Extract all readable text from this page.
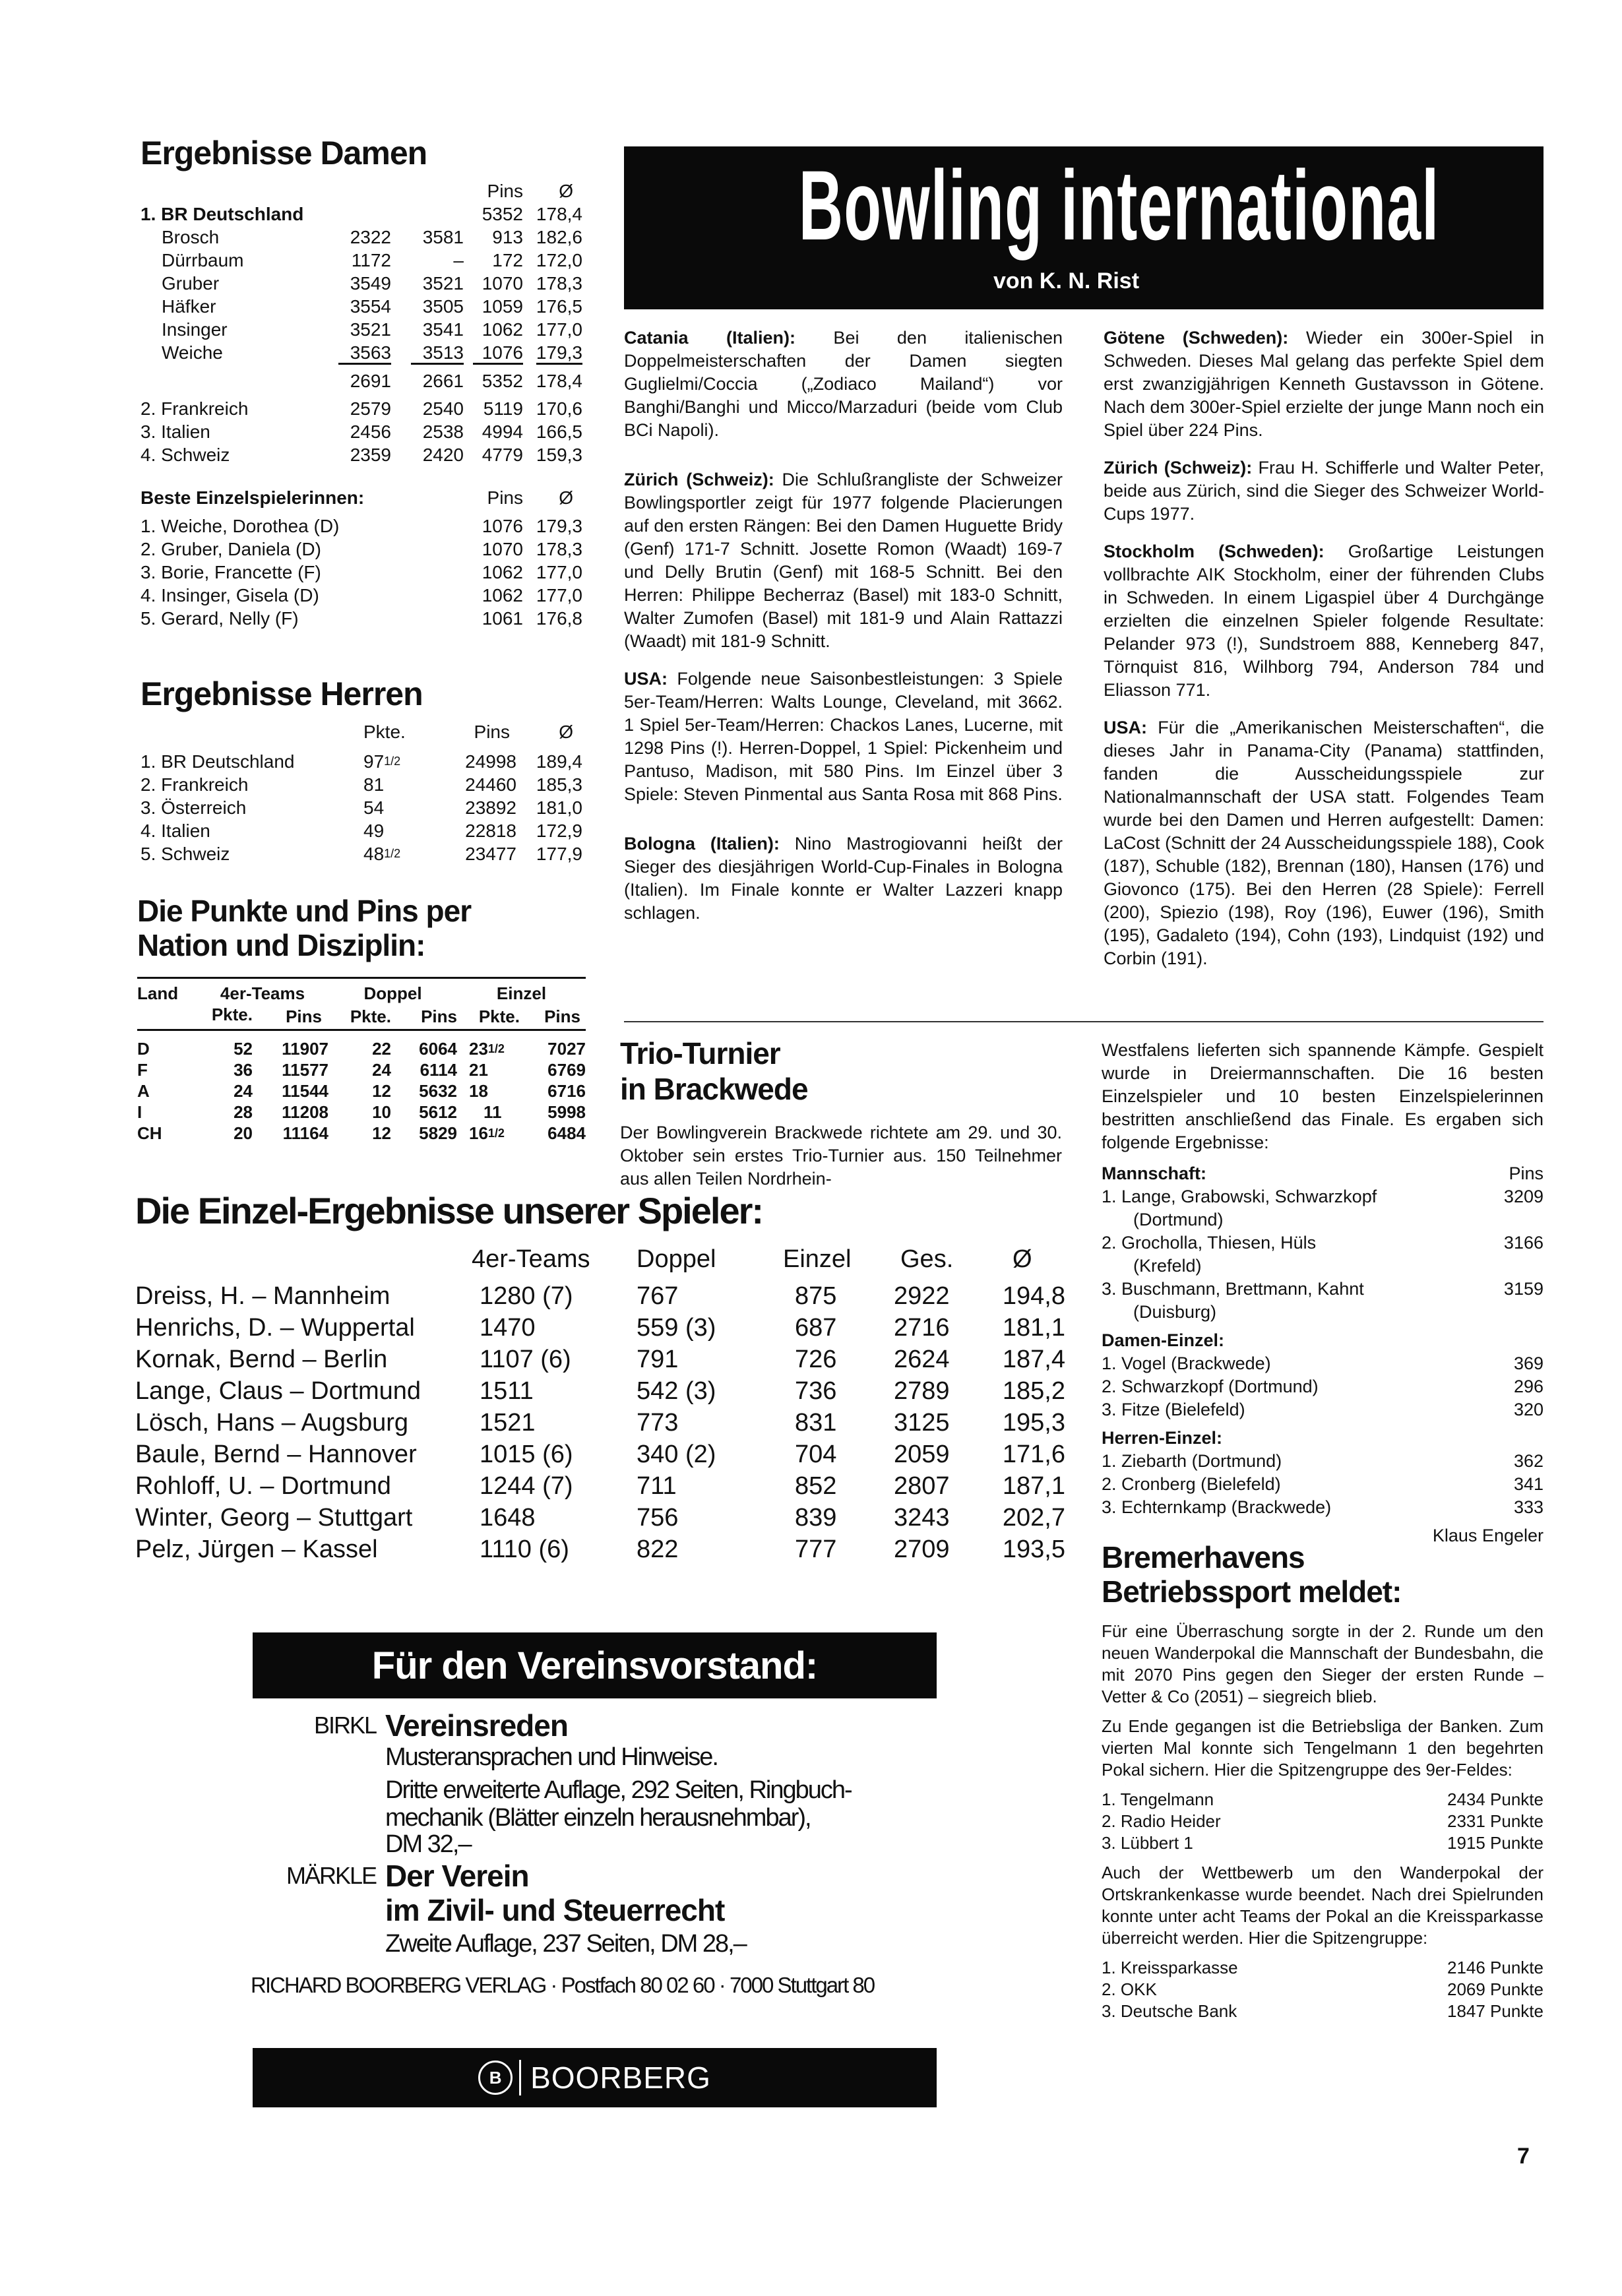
Ergebnisse Damen
			Pins	Ø
1. BR Deutschland			5352	178,4
Brosch	2322	3581	913	182,6
Dürrbaum	1172	–	172	172,0
Gruber	3549	3521	1070	178,3
Häfker	3554	3505	1059	176,5
Insinger	3521	3541	1062	177,0
Weiche	3563	3513	1076	179,3
	2691	2661	5352	178,4
2. Frankreich	2579	2540	5119	170,6
3. Italien	2456	2538	4994	166,5
4. Schweiz	2359	2420	4779	159,3
Beste Einzelspielerinnen:	Pins	Ø

1. Weiche, Dorothea (D)	1076	179,3
2. Gruber, Daniela (D)	1070	178,3
3. Borie, Francette (F)	1062	177,0
4. Insinger, Gisela (D)	1062	177,0
5. Gerard, Nelly (F)	1061	176,8
Ergebnisse Herren
	Pkte.	Pins	Ø

1. BR Deutschland	$97^{1/2}$	24998	189,4
2. Frankreich	81	24460	185,3
3. Österreich	54	23892	181,0
4. Italien	49	22818	172,9
5. Schweiz	$48^{1/2}$	23477	177,9
Die Punkte und Pins per
Nation und Disziplin:
Land	4er-Teams		Doppel		Einzel	
	Pkte.	Pins	Pkte.	Pins	Pkte.	Pins

D	52	11907	22	6064	$23^{1/2}$	7027
F	36	11577	24	6114	21	6769
A	24	11544	12	5632	18	6716
I	28	11208	10	5612	11	5998
CH	20	11164	12	5829	$16^{1/2}$	6484
Bowling international
von K. N. Rist

Catania (Italien): Bei den italienischen Doppelmeisterschaften der Damen siegten Guglielmi/Coccia („Zodiaco Mailand“) vor Banghi/Banghi und Micco/Marzaduri (beide vom Club BCi Napoli).

Zürich (Schweiz): Die Schlußrangliste der Schweizer Bowlingsportler zeigt für 1977 folgende Placierungen auf den ersten Rängen: Bei den Damen Huguette Bridy (Genf) 171-7 Schnitt. Josette Romon (Waadt) 169-7 und Delly Brutin (Genf) mit 168-5 Schnitt. Bei den Herren: Philippe Becherraz (Basel) mit 183-0 Schnitt, Walter Zumofen (Basel) mit 181-9 und Alain Rattazzi (Waadt) mit 181-9 Schnitt.

USA: Folgende neue Saisonbestleistungen: 3 Spiele 5er-Team/Herren: Walts Lounge, Cleveland, mit 3662. 1 Spiel 5er-Team/Herren: Chackos Lanes, Lucerne, mit 1298 Pins (!). Herren-Doppel, 1 Spiel: Pickenheim und Pantuso, Madison, mit 580 Pins. Im Einzel über 3 Spiele: Steven Pinmental aus Santa Rosa mit 868 Pins.

Bologna (Italien): Nino Mastrogiovanni heißt der Sieger des diesjährigen World-Cup-Finales in Bologna (Italien). Im Finale konnte er Walter Lazzeri knapp schlagen.

Götene (Schweden): Wieder ein 300er-Spiel in Schweden. Dieses Mal gelang das perfekte Spiel dem erst zwanzigjährigen Kenneth Gustavsson in Götene. Nach dem 300er-Spiel erzielte der junge Mann noch ein Spiel über 224 Pins.

Zürich (Schweiz): Frau H. Schifferle und Walter Peter, beide aus Zürich, sind die Sieger des Schweizer World-Cups 1977.

Stockholm (Schweden): Großartige Leistungen vollbrachte AIK Stockholm, einer der führenden Clubs in Schweden. In einem Ligaspiel über 4 Durchgänge erzielten die einzelnen Spieler folgende Resultate: Pelander 973 (!), Sundstroem 888, Kenneberg 847, Törnquist 816, Wilhborg 794, Anderson 784 und Eliasson 771.

USA: Für die „Amerikanischen Meisterschaften“, die dieses Jahr in Panama-City (Panama) stattfinden, fanden die Ausscheidungsspiele zur Nationalmannschaft der USA statt. Folgendes Team wurde bei den Damen und Herren aufgestellt: Damen: LaCost (Schnitt der 24 Ausscheidungsspiele 188), Cook (187), Schuble (182), Brennan (180), Hansen (176) und Giovonco (175). Bei den Herren (28 Spiele): Ferrell (200), Spiezio (198), Roy (196), Euwer (196), Smith (195), Gadaleto (194), Cohn (193), Lindquist (192) und Corbin (191).

Trio-Turnier
in Brackwede
Der Bowlingverein Brackwede richtete am 29. und 30. Oktober sein erstes Trio-Turnier aus. 150 Teilnehmer aus allen Teilen Nordrhein-
Westfalens lieferten sich spannende Kämpfe. Gespielt wurde in Dreiermannschaften. Die 16 besten Einzelspieler und 10 besten Einzelspielerinnen bestritten anschließend das Finale. Es ergaben sich folgende Ergebnisse:
Mannschaft:	Pins
1. Lange, Grabowski, Schwarzkopf	3209
(Dortmund)
2. Grocholla, Thiesen, Hüls	3166
(Krefeld)
3. Buschmann, Brettmann, Kahnt	3159
(Duisburg)
Damen-Einzel:
1. Vogel (Brackwede)	369
2. Schwarzkopf (Dortmund)	296
3. Fitze (Bielefeld)	320
Herren-Einzel:
1. Ziebarth (Dortmund)	362
2. Cronberg (Bielefeld)	341
3. Echternkamp (Brackwede)	333
Klaus Engeler
Die Einzel-Ergebnisse unserer Spieler:
	4er-Teams	Doppel	Einzel	Ges.	Ø

Dreiss, H. – Mannheim	1280 (7)	767	875	2922	194,8
Henrichs, D. – Wuppertal	1470	559 (3)	687	2716	181,1
Kornak, Bernd – Berlin	1107 (6)	791	726	2624	187,4
Lange, Claus – Dortmund	1511	542 (3)	736	2789	185,2
Lösch, Hans – Augsburg	1521	773	831	3125	195,3
Baule, Bernd – Hannover	1015 (6)	340 (2)	704	2059	171,6
Rohloff, U. – Dortmund	1244 (7)	711	852	2807	187,1
Winter, Georg – Stuttgart	1648	756	839	3243	202,7
Pelz, Jürgen – Kassel	1110 (6)	822	777	2709	193,5
Für den Vereinsvorstand:
BIRKL Vereinsreden
Musteransprachen und Hinweise.
Dritte erweiterte Auflage, 292 Seiten, Ringbuch-
mechanik (Blätter einzeln herausnehmbar),
DM 32,–
MÄRKLE Der Verein
im Zivil- und Steuerrecht
Zweite Auflage, 237 Seiten, DM 28,–
RICHARD BOORBERG VERLAG · Postfach 80 02 60 · 7000 Stuttgart 80
B BOORBERG
Bremerhavens
Betriebssport meldet:

Für eine Überraschung sorgte in der 2. Runde um den neuen Wanderpokal die Mannschaft der Bundesbahn, die mit 2070 Pins gegen den Sieger der ersten Runde – Vetter & Co (2051) – siegreich blieb.

Zu Ende gegangen ist die Betriebsliga der Banken. Zum vierten Mal konnte sich Tengelmann 1 den begehrten Pokal sichern. Hier die Spitzengruppe des 9er-Feldes:

1. Tengelmann	2434 Punkte
2. Radio Heider	2331 Punkte
3. Lübbert 1	1915 Punkte

Auch der Wettbewerb um den Wanderpokal der Ortskrankenkasse wurde beendet. Nach drei Spielrunden konnte unter acht Teams der Pokal an die Kreissparkasse überreicht werden. Hier die Spitzengruppe:

1. Kreissparkasse	2146 Punkte
2. OKK	2069 Punkte
3. Deutsche Bank	1847 Punkte
7
